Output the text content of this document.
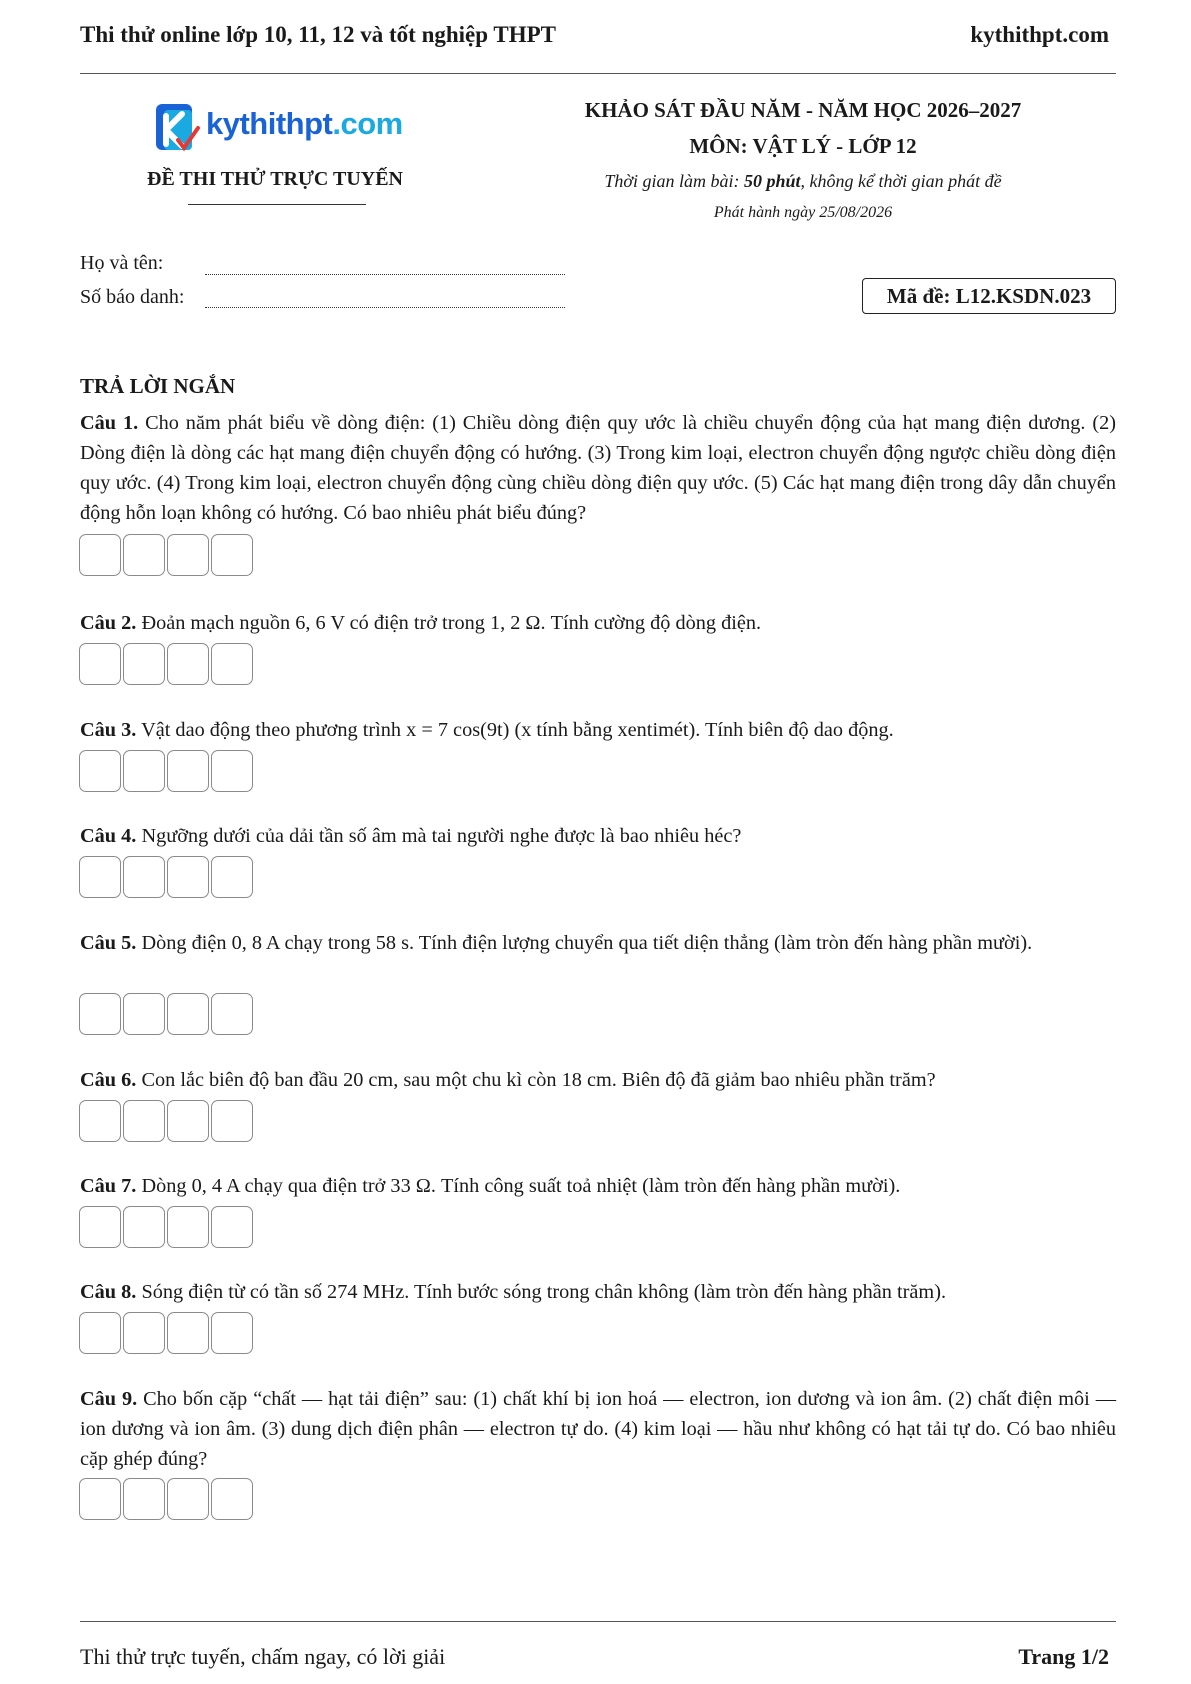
Thi thử online lớp 10, 11, 12 và tốt nghiệp THPT	kythithpt.com
kythithpt.com
ĐỀ THI THỬ TRỰC TUYẾN
KHẢO SÁT ĐẦU NĂM - NĂM HỌC 2026–2027
MÔN: VẬT LÝ - LỚP 12
Thời gian làm bài: 50 phút, không kể thời gian phát đề
Phát hành ngày 25/08/2026
Họ và tên:
Số báo danh:	Mã đề: L12.KSDN.023
TRẢ LỜI NGẮN
Câu 1. Cho năm phát biểu về dòng điện: (1) Chiều dòng điện quy ước là chiều chuyển động của hạt mang điện dương. (2) Dòng điện là dòng các hạt mang điện chuyển động có hướng. (3) Trong kim loại, electron chuyển động ngược chiều dòng điện quy ước. (4) Trong kim loại, electron chuyển động cùng chiều dòng điện quy ước. (5) Các hạt mang điện trong dây dẫn chuyển động hỗn loạn không có hướng. Có bao nhiêu phát biểu đúng?
Câu 2. Đoản mạch nguồn 6, 6 V có điện trở trong 1, 2 Ω. Tính cường độ dòng điện.
Câu 3. Vật dao động theo phương trình x = 7 cos(9t) (x tính bằng xentimét). Tính biên độ dao động.
Câu 4. Ngưỡng dưới của dải tần số âm mà tai người nghe được là bao nhiêu héc?
Câu 5. Dòng điện 0, 8 A chạy trong 58 s. Tính điện lượng chuyển qua tiết diện thẳng (làm tròn đến hàng phần mười).
Câu 6. Con lắc biên độ ban đầu 20 cm, sau một chu kì còn 18 cm. Biên độ đã giảm bao nhiêu phần trăm?
Câu 7. Dòng 0, 4 A chạy qua điện trở 33 Ω. Tính công suất toả nhiệt (làm tròn đến hàng phần mười).
Câu 8. Sóng điện từ có tần số 274 MHz. Tính bước sóng trong chân không (làm tròn đến hàng phần trăm).
Câu 9. Cho bốn cặp “chất — hạt tải điện” sau: (1) chất khí bị ion hoá — electron, ion dương và ion âm. (2) chất điện môi — ion dương và ion âm. (3) dung dịch điện phân — electron tự do. (4) kim loại — hầu như không có hạt tải tự do. Có bao nhiêu cặp ghép đúng?
Thi thử trực tuyến, chấm ngay, có lời giải	Trang 1/2
